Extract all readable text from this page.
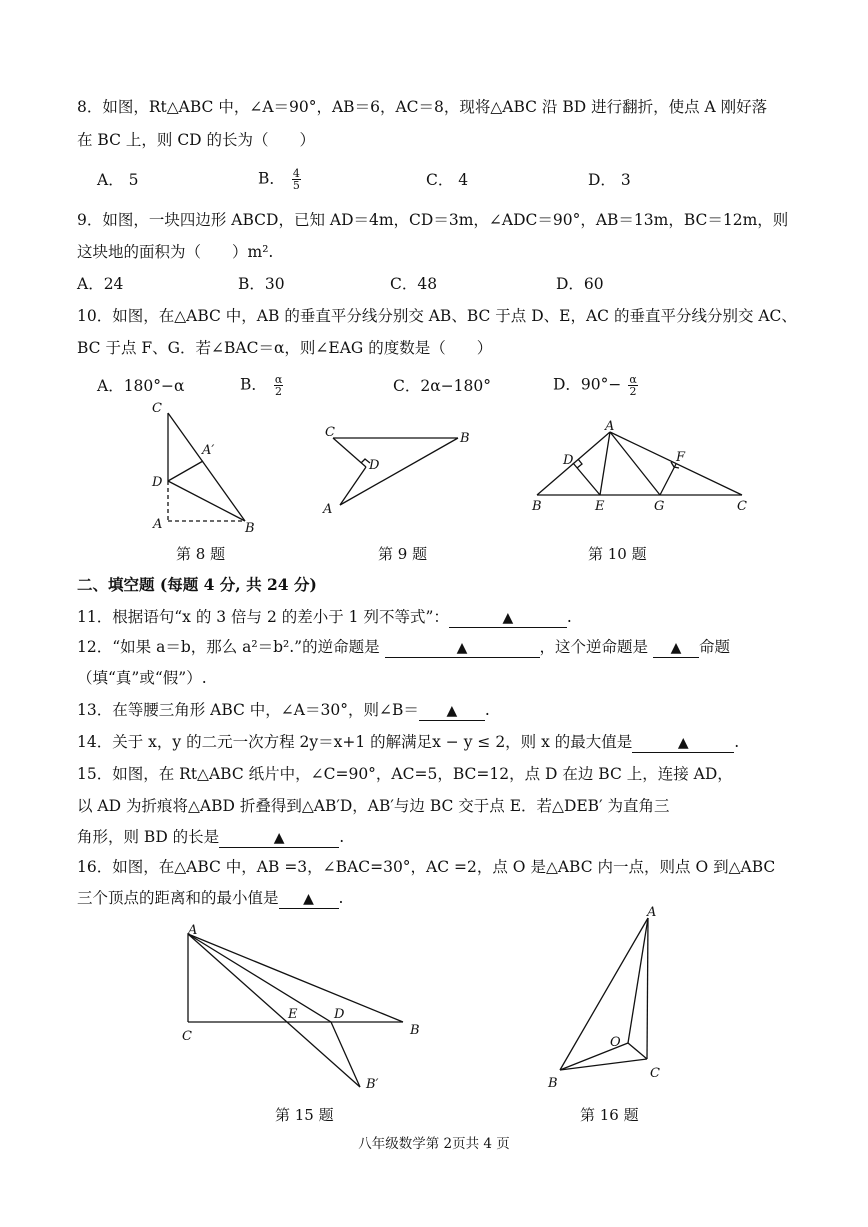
8．如图，Rt△ABC 中，∠A＝90°，AB＝6，AC＝8，现将△ABC 沿 BD 进行翻折，使点 A 刚好落
在 BC 上，则 CD 的长为（　　）
A． 5	B． $\frac{4}{5}$	C． 4	D． 3
9．如图，一块四边形 ABCD，已知 AD＝4m，CD＝3m，∠ADC＝90°，AB＝13m，BC＝12m，则
这块地的面积为（　　）m².
A．24	B．30	C．48	D．60
10．如图，在△ABC 中，AB 的垂直平分线分别交 AB、BC 于点 D、E，AC 的垂直平分线分别交 AC、
BC 于点 F、G．若∠BAC＝α，则∠EAG 的度数是（　　）
A．180°−α	B． $\frac{\alpha}{2}$	C．2α−180°	D．$90^\circ- \frac{\alpha}{2}$
C
A′
D
A	B
C	B
D
A
A
D	F
B	E	G	C
A
E	D
C	B
B′
A
O
B
C
第 8 题	第 9 题	第 10 题
二、填空题 (每题 4 分, 共 24 分)
11．根据语句“x 的 3 倍与 2 的差小于 1 列不等式”：	▲	.
12．“如果 a＝b，那么 a²＝b².”的逆命题是	▲	，这个逆命题是 ▲ 命题
（填“真”或“假”）.
13．在等腰三角形 ABC 中，∠A＝30°，则∠B＝ ▲ .
14．关于 x，y 的二元一次方程 2y＝x+1 的解满足x − y ≤ 2，则 x 的最大值是	▲	.
15．如图，在 Rt△ABC 纸片中，∠C=90°，AC=5，BC=12，点 D 在边 BC 上，连接 AD，
以 AD 为折痕将△ABD 折叠得到△AB′D，AB′与边 BC 交于点 E．若△DEB′ 为直角三
角形，则 BD 的长是	▲	.
16．如图，在△ABC 中，AB =3，∠BAC=30°，AC =2，点 O 是△ABC 内一点，则点 O 到△ABC
三个顶点的距离和的最小值是 ▲ .
第 15 题	第 16 题
八年级数学第 2页共 4 页
